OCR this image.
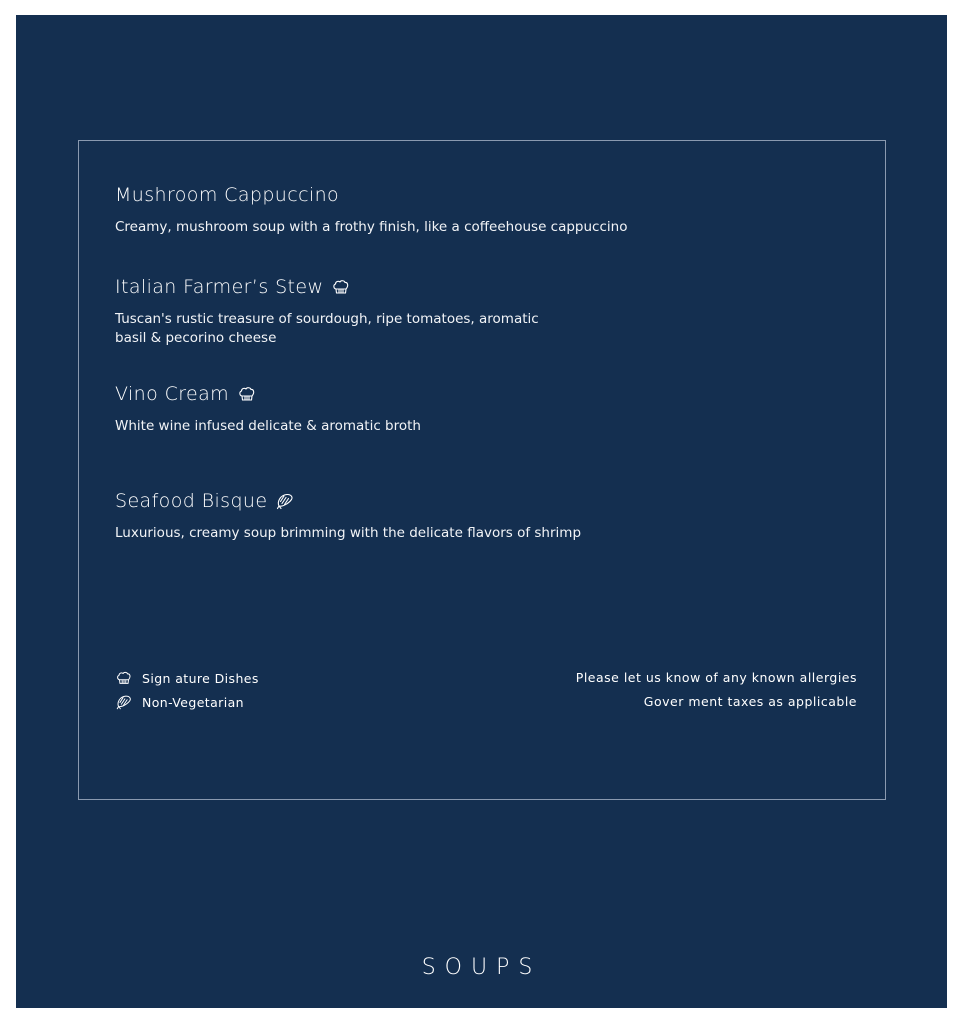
Mushroom Cappuccino
Creamy, mushroom soup with a frothy finish, like a coffeehouse cappuccino
Italian Farmer’s Stew
Tuscan's rustic treasure of sourdough, ripe tomatoes, aromatic basil & pecorino cheese
Vino Cream
White wine infused delicate & aromatic broth
Seafood Bisque
Luxurious, creamy soup brimming with the delicate flavors of shrimp
Sign ature Dishes
Non-Vegetarian
Please let us know of any known allergies
Gover ment taxes as applicable
SOUPS
